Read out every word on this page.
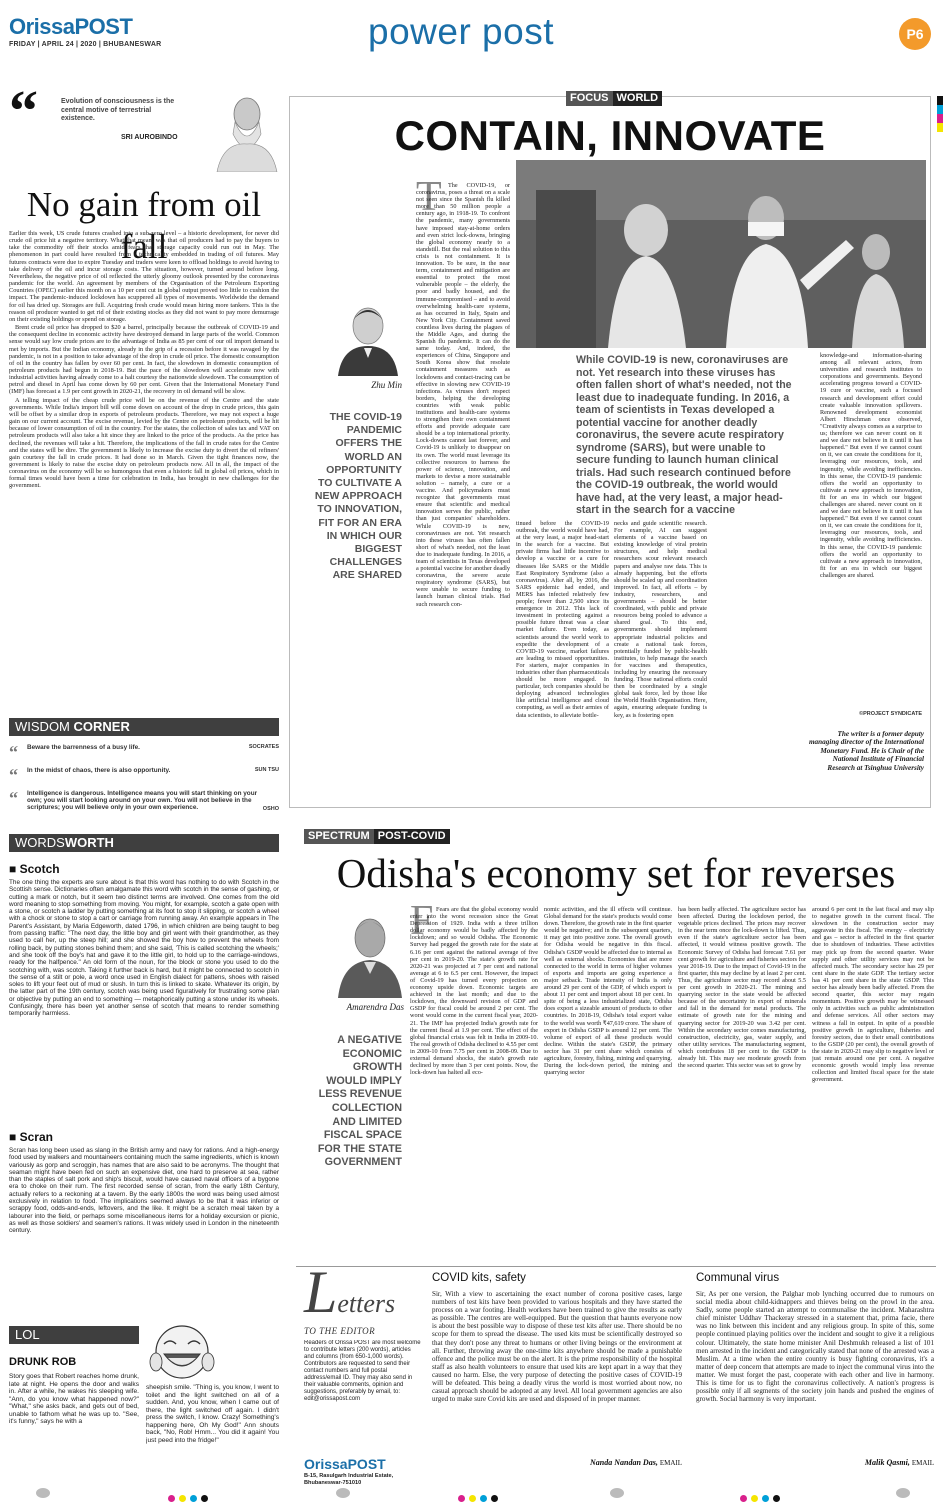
OrissaPOST
FRIDAY | APRIL 24 | 2020 | BHUBANESWAR	power post	P6
“	Evolution of consciousness is the central motive of terrestrial existence.
SRI AUROBINDO
No gain from oil fall

Earlier this week, US crude futures crashed into a sub-zero level – a historic development, for never did crude oil price hit a negative territory. What that meant was that oil producers had to pay the buyers to take the commodity off their stocks amid fears that storage capacity could run out in May. The phenomenon in part could have resulted from a technicality embedded in trading of oil futures. May futures contracts were due to expire Tuesday and traders were keen to offload holdings to avoid having to take delivery of the oil and incur storage costs. The situation, however, turned around before long. Nevertheless, the negative price of oil reflected the utterly gloomy outlook presented by the coronavirus pandemic for the world. An agreement by members of the Organisation of the Petroleum Exporting Countries (OPEC) earlier this month on a 10 per cent cut in global output proved too little to cushion the impact. The pandemic-induced lockdown has scuppered all types of movements. Worldwide the demand for oil has dried up. Storages are full. Acquiring fresh crude would mean hiring more tankers. This is the reason oil producer wanted to get rid of their existing stocks as they did not want to pay more demurrage on their existing holdings or spend on storage.

Brent crude oil price has dropped to $20 a barrel, principally because the outbreak of COVID-19 and the consequent decline in economic activity have destroyed demand in large parts of the world. Common sense would say low crude prices are to the advantage of India as 85 per cent of our oil import demand is met by imports. But the Indian economy, already in the grip of a recession before it was ravaged by the pandemic, is not in a position to take advantage of the drop in crude oil price. The domestic consumption of oil in the country has fallen by over 60 per cent. In fact, the slowdown in domestic consumption of petroleum products had begun in 2018-19. But the pace of the slowdown will accelerate now with industrial activities having already come to a halt courtesy the nationwide slowdown. The consumption of petrol and diesel in April has come down by 60 per cent. Given that the International Monetary Fund (IMF) has forecast a 1.9 per cent growth in 2020-21, the recovery in oil demand will be slow.

A telling impact of the cheap crude price will be on the revenue of the Centre and the state governments. While India's import bill will come down on account of the drop in crude prices, this gain will be offset by a similar drop in exports of petroleum products. Therefore, we may not expect a huge gain on our current account. The excise revenue, levied by the Centre on petroleum products, will be hit because of lower consumption of oil in the country. For the states, the collection of sales tax and VAT on petroleum products will also take a hit since they are linked to the price of the products. As the price has declined, the revenues will take a hit. Therefore, the implications of the fall in crude rates for the Centre and the states will be dire. The government is likely to increase the excise duty to divert the oil refiners' gain courtesy the fall in crude prices. It had done so in March. Given the tight finances now, the government is likely to raise the excise duty on petroleum products now. All in all, the impact of the coronavirus on the economy will be so humongous that even a historic fall in global oil prices, which in formal times would have been a time for celebration in India, has brought in new challenges for the government.

WISDOM CORNER
“	Beware the barrenness of a busy life.	SOCRATES
“	In the midst of chaos, there is also opportunity.	SUN TSU
“	Intelligence is dangerous. Intelligence means you will start thinking on your own; you will start looking around on your own. You will not believe in the scriptures; you will believe only in your own experience.	OSHO
WORDSWORTH
■ Scotch
The one thing the experts are sure about is that this word has nothing to do with Scotch in the Scottish sense. Dictionaries often amalgamate this word with scotch in the sense of gashing, or cutting a mark or notch, but it seem two distinct terms are involved. One comes from the old word meaning to stop something from moving. You might, for example, scotch a gate open with a stone, or scotch a ladder by putting something at its foot to stop it slipping, or scotch a wheel with a chock or stone to stop a cart or carriage from running away. An example appears in The Parent's Assistant, by Maria Edgeworth, dated 1796, in which children are being taught to beg from passing traffic: "The next day, the little boy and girl went with their grandmother, as they used to call her, up the steep hill; and she showed the boy how to prevent the wheels from rolling back, by putting stones behind them; and she said, 'This is called scotching the wheels;' and she took off the boy's hat and gave it to the little girl, to hold up to the carriage-windows, ready for the halfpence." An old form of the noun, for the block or stone you used to do the scotching with, was scotch. Taking it further back is hard, but it might be connected to scotch in the sense of a stilt or pole, a word once used in English dialect for pattens, shoes with raised soles to lift your feet out of mud or slush. In turn this is linked to skate. Whatever its origin, by the latter part of the 19th century, scotch was being used figuratively for frustrating some plan or objective by putting an end to something — metaphorically putting a stone under its wheels. Confusingly, there has been yet another sense of scotch that means to render something temporarily harmless.
■ Scran
Scran has long been used as slang in the British army and navy for rations. And a high-energy food used by walkers and mountaineers containing much the same ingredients, which is known variously as gorp and scroggin, has names that are also said to be acronyms. The thought that seaman might have been fed on such an expensive diet, one hard to preserve at sea, rather than the staples of salt pork and ship's biscuit, would have caused naval officers of a bygone era to choke on their rum. The first recorded sense of scran, from the early 18th Century, actually refers to a reckoning at a tavern. By the early 1800s the word was being used almost exclusively in relation to food. The implications seemed always to be that it was inferior or scrappy food, odds-and-ends, leftovers, and the like. It might be a scratch meal taken by a labourer into the field, or perhaps some miscellaneous items for a holiday excursion or picnic, as well as those soldiers' and seamen's rations. It was widely used in London in the nineteenth century.
LOL
DRUNK ROB
Story goes that Robert reaches home drunk, late at night. He opens the door and walks in. After a while, he wakes his sleeping wife. "Ann, do you know what happened now?" "What," she asks back, and gets out of bed, unable to fathom what he was up to. "See, it's funny," says he with a
sheepish smile. "Thing is, you know, I went to toilet and the light switched on all of a sudden. And, you know, when I came out of there, the light switched off again. I didn't press the switch, I know. Crazy! Something's happening here, Oh My God!" Ann shouts back, "No, Rob! Hmm... You did it again! You just peed into the fridge!"
FOCUS WORLD
CONTAIN, INNOVATE
Zhu Min
THE COVID-19 PANDEMIC OFFERS THE WORLD AN OPPORTUNITY TO CULTIVATE A NEW APPROACH TO INNOVATION, FIT FOR AN ERA IN WHICH OUR BIGGEST CHALLENGES ARE SHARED
T	The COVID-19, or coronavirus, poses a threat on a scale not seen since the Spanish flu killed more than 50 million people a century ago, in 1918-19. To confront the pandemic, many governments have imposed stay-at-home orders and even strict lock-downs, bringing the global economy nearly to a standstill. But the real solution to this crisis is not containment. It is innovation. To be sure, in the near term, containment and mitigation are essential to protect the most vulnerable people – the elderly, the poor and badly housed, and the immune-compromised – and to avoid overwhelming health-care systems, as has occurred in Italy, Spain and New York City. Containment saved countless lives during the plagues of the Middle Ages, and during the Spanish flu pandemic. It can do the same today. And, indeed, the experiences of China, Singapore and South Korea show that resolute containment measures such as lockdowns and contact-tracing can be effective in slowing new COVID-19 infections. As viruses don't respect borders, helping the developing countries with weak public institutions and health-care systems to strengthen their own containment efforts and provide adequate care should be a top international priority. Lock-downs cannot last forever, and Covid-19 is unlikely to disappear on its own. The world must leverage its collective resources to harness the power of science, innovation, and markets to devise a more sustainable solution – namely, a cure or a vaccine. And policymakers must recognize that governments must ensure that scientific and medical innovation serves the public, rather than just companies' shareholders. While COVID-19 is new, coronaviruses are not. Yet research into these viruses has often fallen short of what's needed, not the least due to inadequate funding. In 2016, a team of scientists in Texas developed a potential vaccine for another deadly coronavirus, the severe acute respiratory syndrome (SARS), but were unable to secure funding to launch human clinical trials. Had such research con-
While COVID-19 is new, coronaviruses are not. Yet research into these viruses has often fallen short of what's needed, not the least due to inadequate funding. In 2016, a team of scientists in Texas developed a potential vaccine for another deadly coronavirus, the severe acute respiratory syndrome (SARS), but were unable to secure funding to launch human clinical trials. Had such research continued before the COVID-19 outbreak, the world would have had, at the very least, a major head-start in the search for a vaccine
tinued before the COVID-19 outbreak, the world would have had, at the very least, a major head-start in the search for a vaccine. But private firms had little incentive to develop a vaccine or a cure for diseases like SARS or the Middle East Respiratory Syndrome (also a coronavirus). After all, by 2016, the SARS epidemic had ended, and MERS has infected relatively few people; fewer than 2,500 since its emergence in 2012. This lack of investment in protecting against a possible future threat was a clear market failure. Even today, as scientists around the world work to expedite the development of a COVID-19 vaccine, market failures are leading to missed opportunities. For starters, major companies in industries other than pharmaceuticals should be more engaged. In particular, tech companies should be deploying advanced technologies like artificial intelligence and cloud computing, as well as their armies of data scientists, to alleviate bottle-
necks and guide scientific research. For example, AI can suggest elements of a vaccine based on existing knowledge of viral protein structures, and help medical researchers scour relevant research papers and analyse raw data. This is already happening, but the efforts should be scaled up and coordination improved. In fact, all efforts – by industry, researchers, and governments – should be better coordinated, with public and private resources being pooled to advance a shared goal. To this end, governments should implement appropriate industrial policies and create a national task forces, potentially funded by public-health institutes, to help manage the search for vaccines and therapeutics, including by ensuring the necessary funding. Those national efforts could then be coordinated by a single global task force, led by those like the World Health Organisation. Here, again, ensuring adequate funding is key, as is fostering open
knowledge-and information-sharing among all relevant actors, from universities and research institutes to corporations and governments. Beyond accelerating progress toward a COVID-19 cure or vaccine, such a focused research and development effort could create valuable innovation spillovers. Renowned development economist Albert Hirschman once observed, "Creativity always comes as a surprise to us; therefore we can never count on it and we dare not believe in it until it has happened." But even if we cannot count on it, we can create the conditions for it, leveraging our resources, tools, and ingenuity, while avoiding inefficiencies. In this sense, the COVID-19 pandemic offers the world an opportunity to cultivate a new approach to innovation, fit for an era in which our biggest challenges are shared. never count on it and we dare not believe in it until it has happened." But even if we cannot count on it, we can create the conditions for it, leveraging our resources, tools, and ingenuity, while avoiding inefficiencies. In this sense, the COVID-19 pandemic offers the world an opportunity to cultivate a new approach to innovation, fit for an era in which our biggest challenges are shared.
©PROJECT SYNDICATE
The writer is a former deputy managing director of the International Monetary Fund. He is Chair of the National Institute of Financial Research at Tsinghua University
SPECTRUM POST-COVID
Odisha's economy set for reverses
Amarendra Das
A NEGATIVE ECONOMIC GROWTH WOULD IMPLY LESS REVENUE COLLECTION AND LIMITED FISCAL SPACE FOR THE STATE GOVERNMENT
F Fears are that the global economy would enter into the worst recession since the Great Depression of 1929. India with a three trillion dollar economy would be badly affected by the lockdown; and so would Odisha. The Economic Survey had pegged the growth rate for the state at 6.16 per cent against the national average of five per cent in 2019-20. The state's growth rate for 2020-21 was projected at 7 per cent and national average at 6 to 6.5 per cent. However, the impact of Covid-19 has turned every projection on economy upside down. Economic targets are achieved in the last month; and due to the lockdown, the downward revision of GDP and GSDP for fiscal could be around 2 per cent. The worst would come in the current fiscal year, 2020-21. The IMF has projected India's growth rate for the current fiscal at 1.9 per cent. The effect of the global financial crisis was felt in India in 2009-10. The real growth of Odisha declined to 4.55 per cent in 2009-10 from 7.75 per cent in 2008-09. Due to external demand shocks, the state's growth rate declined by more than 3 per cent points. Now, the lock-down has halted all eco-
nomic activities, and the ill effects will continue. Global demand for the state's products would come down. Therefore, the growth rate in the first quarter would be negative; and in the subsequent quarters, it may get into positive zone. The overall growth for Odisha would be negative in this fiscal. Odisha's GSDP would be affected due to internal as well as external shocks. Economies that are more connected to the world in terms of higher volumes of exports and imports are going experience a major setback. Trade intensity of India is only around 29 per cent of the GDP, of which export is about 11 per cent and import about 18 per cent. In spite of being a less industrialized state, Odisha does export a sizeable amount of products to other countries. In 2018-19, Odisha's total export value to the world was worth ₹47,619 crore. The share of export in Odisha GSDP is around 12 per cent. The volume of export of all these products would decline. Within the state's GSDP, the primary sector has 31 per cent share which consists of agriculture, forestry, fishing, mining and quarrying. During the lock-down period, the mining and quarrying sector
has been badly affected. The agriculture sector has been affected. During the lockdown period, the vegetable prices declined. The prices may recover in the near term once the lock-down is lifted. Thus, even if the state's agriculture sector has been affected, it would witness positive growth. The Economic Survey of Odisha had forecast 7.61 per cent growth for agriculture and fisheries sectors for year 2018-19. Due to the impact of Covid-19 in the first quarter, this may decline by at least 2 per cent. Thus, the agriculture sector may record about 5.5 per cent growth in 2020-21. The mining and quarrying sector in the state would be affected because of the uncertainty in export of minerals and fall in the demand for metal products. The estimate of growth rate for the mining and quarrying sector for 2019-20 was 3.42 per cent. Within the secondary sector comes manufacturing, construction, electricity, gas, water supply, and other utility services. The manufacturing segment, which contributes 18 per cent to the GSDP is already hit. This may see moderate growth from the second quarter. This sector was set to grow by
around 6 per cent in the last fiscal and may slip to negative growth in the current fiscal. The slowdown in the construction sector may aggravate in this fiscal. The energy – electricity and gas – sector is affected in the first quarter due to shutdown of industries. These activities may pick up from the second quarter. Water supply and other utility services may not be affected much. The secondary sector has 29 per cent share in the state GDP. The tertiary sector has 41 per cent share in the state GSDP. This sector has already been badly affected. From the second quarter, this sector may regain momentum. Positive growth may be witnessed only in activities such as public administration and defense services. All other sectors may witness a fall in output. In spite of a possible positive growth in agriculture, fisheries and forestry sectors, due to their small contributions to the GSDP (20 per cent), the overall growth of the state in 2020-21 may slip to negative level or just remain around one per cent. A negative economic growth would imply less revenue collection and limited fiscal space for the state government.
Letters
TO THE EDITOR
Readers of Orissa POST are most welcome to contribute letters (200 words), articles and columns (from 650-1,000 words). Contributors are requested to send their contact numbers and full postal address/email ID. They may also send in their valuable comments, opinion and suggestions, preferably by email, to: edit@orissapost.com
OrissaPOST
B-15, Rasulgarh Industrial Estate, Bhubaneswar-751010
COVID kits, safety
Sir, With a view to ascertaining the exact number of corona positive cases, large numbers of test kits have been provided to various hospitals and they have started the process on a war footing. Health workers have been trained to give the results as early as possible. The centres are well-equipped. But the question that haunts everyone now is about the best possible way to dispose of these test kits after use. There should be no scope for them to spread the disease. The used kits must be scientifically destroyed so that they don't pose any threat to humans or other living beings or the environment at all. Further, throwing away the one-time kits anywhere should be made a punishable offence and the police must be on the alert. It is the prime responsibility of the hospital staff as also health volunteers to ensure that used kits are kept apart in a way that they caused no harm. Else, the very purpose of detecting the positive cases of COVID-19 will be defeated. This being a deadly virus the world is most worried about now, no casual approach should be adopted at any level. All local government agencies are also urged to make sure Covid kits are used and disposed of in proper manner.
Nanda Nandan Das, EMAIL
Communal virus
Sir, As per one version, the Palghar mob lynching occurred due to rumours on social media about child-kidnappers and thieves being on the prowl in the area. Sadly, some people started an attempt to communalise the incident. Maharashtra chief minister Uddhav Thackeray stressed in a statement that, prima facie, there was no link between this incident and any religious group. In spite of this, some people continued playing politics over the incident and sought to give it a religious colour. Ultimately, the state home minister Anil Deshmukh released a list of 101 men arrested in the incident and categorically stated that none of the arrested was a Muslim. At a time when the entire country is busy fighting coronavirus, it's a matter of deep concern that attempts are made to inject the communal virus into the matter. We must forget the past, cooperate with each other and live in harmony. This is time for us to fight the coronavirus collectively. A nation's progress is possible only if all segments of the society join hands and pushed the engines of growth. Social harmony is very important.
Malik Qasmi, EMAIL
